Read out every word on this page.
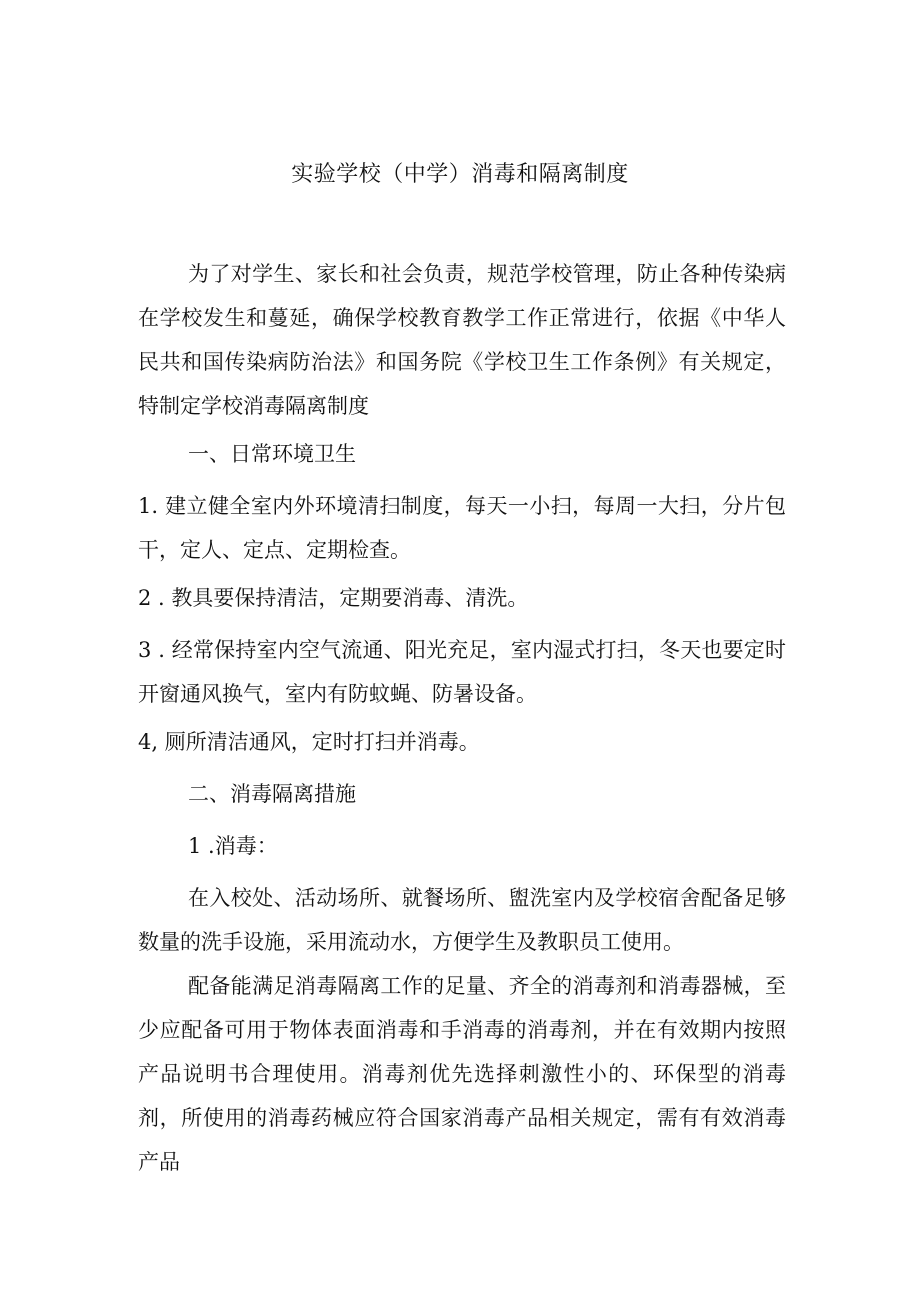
实验学校（中学）消毒和隔离制度

为了对学生、家长和社会负责，规范学校管理，防止各种传染病在学校发生和蔓延，确保学校教育教学工作正常进行，依据《中华人民共和国传染病防治法》和国务院《学校卫生工作条例》有关规定，特制定学校消毒隔离制度

一、日常环境卫生

1. 建立健全室内外环境清扫制度，每天一小扫，每周一大扫，分片包干，定人、定点、定期检查。

2 . 教具要保持清洁，定期要消毒、清洗。

3 . 经常保持室内空气流通、阳光充足，室内湿式打扫，冬天也要定时开窗通风换气，室内有防蚊蝇、防暑设备。

4, 厕所清洁通风，定时打扫并消毒。

二、消毒隔离措施

1 .消毒：

在入校处、活动场所、就餐场所、盥洗室内及学校宿舍配备足够数量的洗手设施，采用流动水，方便学生及教职员工使用。

配备能满足消毒隔离工作的足量、齐全的消毒剂和消毒器械，至少应配备可用于物体表面消毒和手消毒的消毒剂，并在有效期内按照产品说明书合理使用。消毒剂优先选择刺激性小的、环保型的消毒剂，所使用的消毒药械应符合国家消毒产品相关规定，需有有效消毒产品
